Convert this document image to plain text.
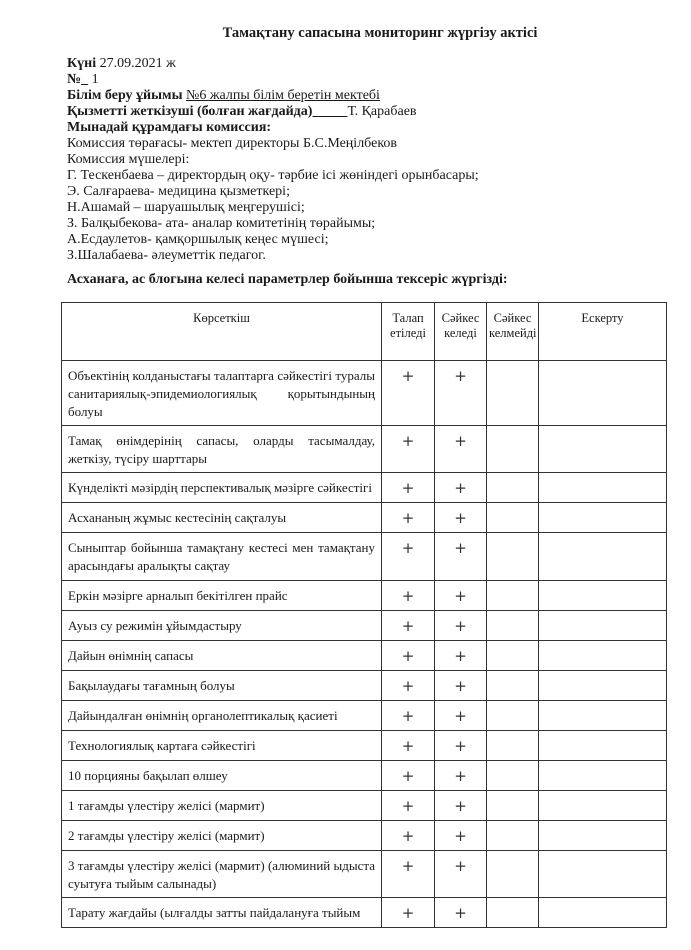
Тамақтану сапасына мониторинг жүргізу актісі
Күні 27.09.2021 ж
№ 1
Білім беру ұйымы №6 жалпы білім беретін мектебі
Қызметті жеткізуші (болған жағдайда)	Т. Қарабаев
Мынадай құрамдағы комиссия:
Комиссия төрағасы- мектеп директоры Б.С.Меңілбеков
Комиссия мүшелері:
Г. Тескенбаева – директордың оқу- тәрбие ісі жөніндегі орынбасары;
Э. Салғараева- медицина қызметкері;
Н.Ашамай – шаруашылық меңгерушісі;
З. Балқыбекова- ата- аналар комитетінің төрайымы;
А.Есдаулетов- қамқоршылық кеңес мүшесі;
З.Шалабаева- әлеуметтік педагог.
Асханаға, ас блогына келесі параметрлер бойынша тексеріс жүргізді:
Көрсеткіш	Талап етіледі	Сәйкес келеді	Сәйкес келмейді	Ескерту
Объектінің колданыстағы талаптарга сәйкестігі туралы санитариялық-эпидемиологиялық қорытындының болуы	+	+		
Тамақ өнімдерінің сапасы, оларды тасымалдау, жеткізу, түсіру шарттары	+	+		
Күнделікті мәзірдің перспективалық мәзірге сәйкестігі	+	+		
Асхананың жұмыс кестесінің сақталуы	+	+		
Сыныптар бойынша тамақтану кестесі мен тамақтану арасындағы аралықты сақтау	+	+		
Еркін мәзірге арналып бекітілген прайс	+	+		
Ауыз су режимін ұйымдастыру	+	+		
Дайын өнімнің сапасы	+	+		
Бақылаудағы тағамның болуы	+	+		
Дайындалған өнімнің органолептикалық қасиеті	+	+		
Технологиялық картаға сәйкестігі	+	+		
10 порцияны бақылап өлшеу	+	+		
1 тағамды үлестіру желісі (мармит)	+	+		
2 тағамды үлестіру желісі (мармит)	+	+		
3 тағамды үлестіру желісі (мармит) (алюминий ыдыста суытуға тыйым салынады)	+	+		
Тарату жағдайы (ылғалды затты пайдалануға тыйым	+	+		
